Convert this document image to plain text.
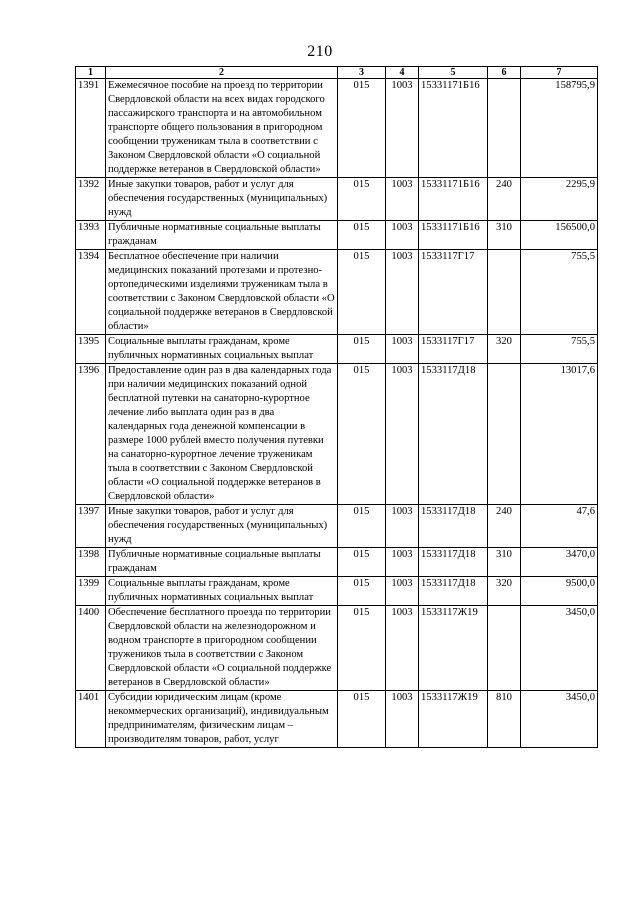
210
1	2	3	4	5	6	7
1391	Ежемесячное пособие на проезд по территории Свердловской области на всех видах городского пассажирского транспорта и на автомобильном транспорте общего пользования в пригородном сообщении труженикам тыла в соответствии с Законом Свердловской области «О социальной поддержке ветеранов в Свердловской области»	015	1003	15331171Б16		158795,9
1392	Иные закупки товаров, работ и услуг для обеспечения государственных (муниципальных) нужд	015	1003	15331171Б16	240	2295,9
1393	Публичные нормативные социальные выплаты гражданам	015	1003	15331171Б16	310	156500,0
1394	Бесплатное обеспечение при наличии медицинских показаний протезами и протезно-ортопедическими изделиями труженикам тыла в соответствии с Законом Свердловской области «О социальной поддержке ветеранов в Свердловской области»	015	1003	1533117Г17		755,5
1395	Социальные выплаты гражданам, кроме публичных нормативных социальных выплат	015	1003	1533117Г17	320	755,5
1396	Предоставление один раз в два календарных года при наличии медицинских показаний одной бесплатной путевки на санаторно-курортное лечение либо выплата один раз в два календарных года денежной компенсации в размере 1000 рублей вместо получения путевки на санаторно-курортное лечение труженикам тыла в соответствии с Законом Свердловской области «О социальной поддержке ветеранов в Свердловской области»	015	1003	1533117Д18		13017,6
1397	Иные закупки товаров, работ и услуг для обеспечения государственных (муниципальных) нужд	015	1003	1533117Д18	240	47,6
1398	Публичные нормативные социальные выплаты гражданам	015	1003	1533117Д18	310	3470,0
1399	Социальные выплаты гражданам, кроме публичных нормативных социальных выплат	015	1003	1533117Д18	320	9500,0
1400	Обеспечение бесплатного проезда по территории Свердловской области на железнодорожном и водном транспорте в пригородном сообщении тружеников тыла в соответствии с Законом Свердловской области «О социальной поддержке ветеранов в Свердловской области»	015	1003	1533117Ж19		3450,0
1401	Субсидии юридическим лицам (кроме некоммерческих организаций), индивидуальным предпринимателям, физическим лицам – производителям товаров, работ, услуг	015	1003	1533117Ж19	810	3450,0
